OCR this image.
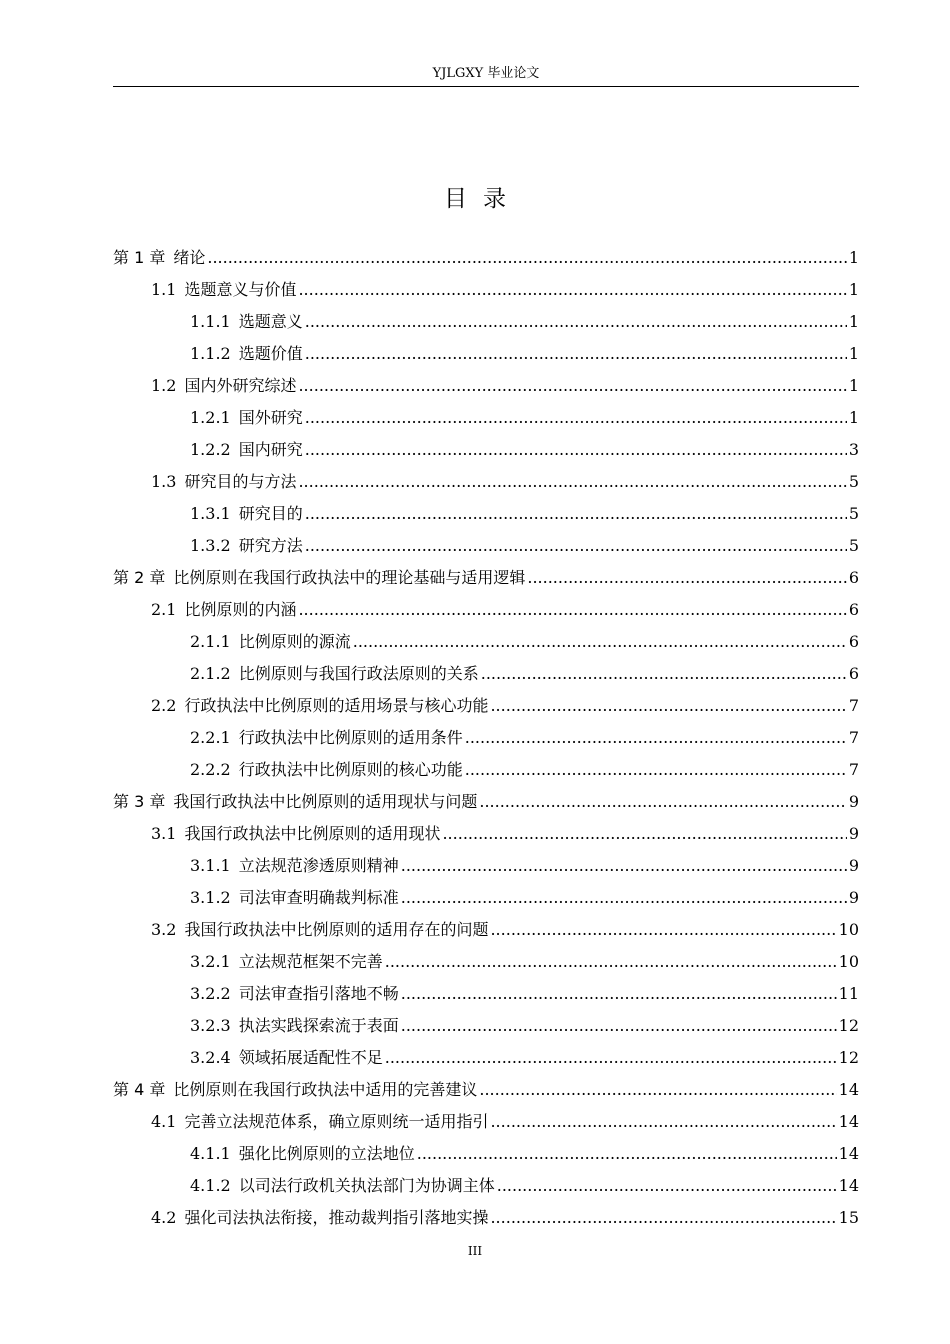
YJLGXY 毕业论文
目录
第 1 章 绪论 .....	1
1.1 选题意义与价值 .....	1
1.1.1 选题意义 .....	1
1.1.2 选题价值 .....	1
1.2 国内外研究综述 .....	1
1.2.1 国外研究 .....	1
1.2.2 国内研究 .....	3
1.3 研究目的与方法 .....	5
1.3.1 研究目的 .....	5
1.3.2 研究方法 .....	5
第 2 章 比例原则在我国行政执法中的理论基础与适用逻辑 .....	6
2.1 比例原则的内涵 .....	6
2.1.1 比例原则的源流 .....	6
2.1.2 比例原则与我国行政法原则的关系 .....	6
2.2 行政执法中比例原则的适用场景与核心功能 .....	7
2.2.1 行政执法中比例原则的适用条件 .....	7
2.2.2 行政执法中比例原则的核心功能 .....	7
第 3 章 我国行政执法中比例原则的适用现状与问题 .....	9
3.1 我国行政执法中比例原则的适用现状 .....	9
3.1.1 立法规范渗透原则精神 .....	9
3.1.2 司法审查明确裁判标准 .....	9
3.2 我国行政执法中比例原则的适用存在的问题 .....	10
3.2.1 立法规范框架不完善 .....	10
3.2.2 司法审查指引落地不畅 .....	11
3.2.3 执法实践探索流于表面 .....	12
3.2.4 领域拓展适配性不足 .....	12
第 4 章 比例原则在我国行政执法中适用的完善建议 .....	14
4.1 完善立法规范体系，确立原则统一适用指引 .....	14
4.1.1 强化比例原则的立法地位 .....	14
4.1.2 以司法行政机关执法部门为协调主体 .....	14
4.2 强化司法执法衔接，推动裁判指引落地实操 .....	15
III
